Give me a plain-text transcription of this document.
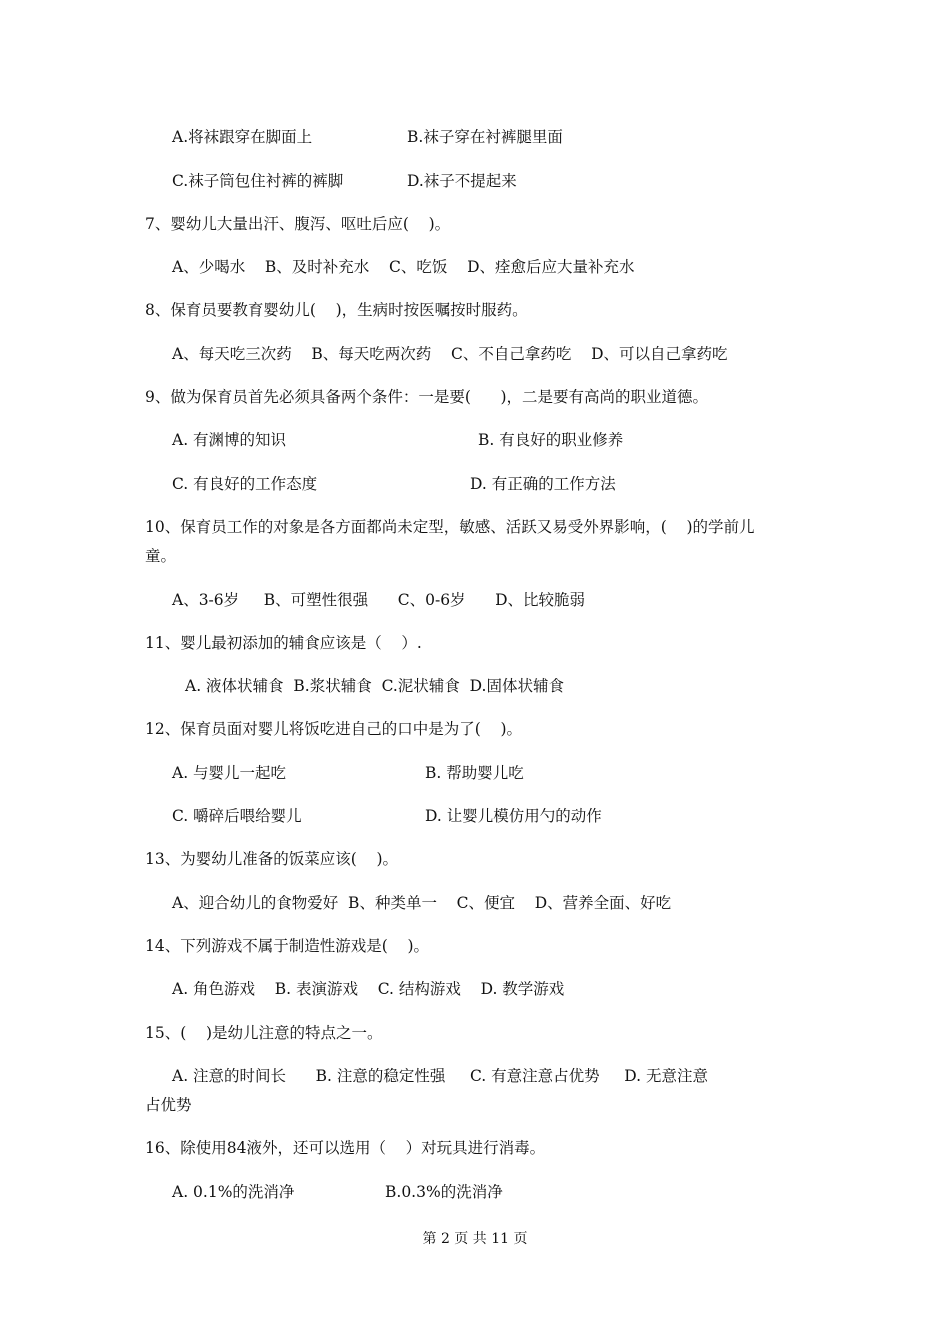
A.将袜跟穿在脚面上	B.袜子穿在衬裤腿里面
C.袜子筒包住衬裤的裤脚	D.袜子不提起来
7、婴幼儿大量出汗、腹泻、呕吐后应(    )。
A、少喝水    B、及时补充水    C、吃饭    D、痊愈后应大量补充水
8、保育员要教育婴幼儿(    )，生病时按医嘱按时服药。
A、每天吃三次药    B、每天吃两次药    C、不自己拿药吃    D、可以自己拿药吃
9、做为保育员首先必须具备两个条件：一是要(      )，二是要有高尚的职业道德。
A. 有渊博的知识	B. 有良好的职业修养
C. 有良好的工作态度	D. 有正确的工作方法
10、保育员工作的对象是各方面都尚未定型，敏感、活跃又易受外界影响，(    )的学前儿
童。
A、3-6岁     B、可塑性很强      C、0-6岁      D、比较脆弱
11、婴儿最初添加的辅食应该是（    ）.
A. 液体状辅食  B.浆状辅食  C.泥状辅食  D.固体状辅食
12、保育员面对婴儿将饭吃进自己的口中是为了(    )。
A. 与婴儿一起吃	B. 帮助婴儿吃
C. 嚼碎后喂给婴儿	D. 让婴儿模仿用勺的动作
13、为婴幼儿准备的饭菜应该(    )。
A、迎合幼儿的食物爱好  B、种类单一    C、便宜    D、营养全面、好吃
14、下列游戏不属于制造性游戏是(    )。
A. 角色游戏    B. 表演游戏    C. 结构游戏    D. 教学游戏
15、(    )是幼儿注意的特点之一。
A. 注意的时间长      B. 注意的稳定性强     C. 有意注意占优势     D. 无意注意
占优势
16、除使用84液外，还可以选用（    ）对玩具进行消毒。
A. 0.1%的洗消净	B.0.3%的洗消净
第 2 页 共 11 页
